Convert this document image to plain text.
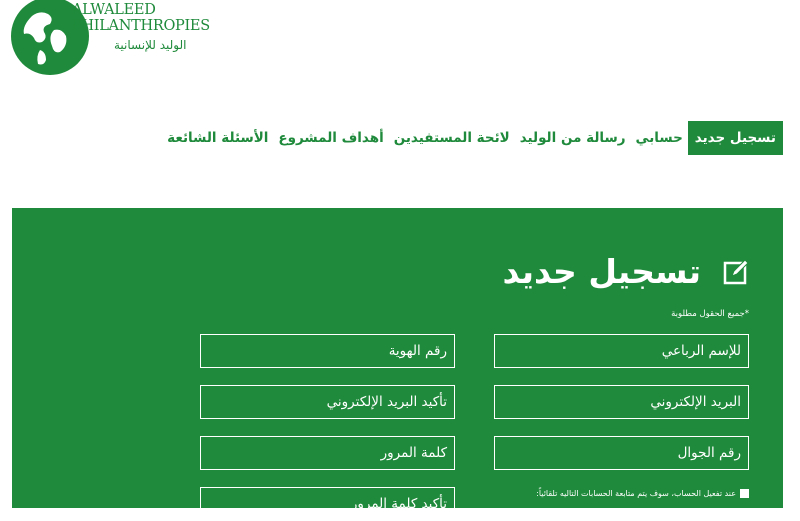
ALWALEED
PHILANTHROPIES
الوليد للإنسانية
تسجيل جديد
حسابي
رسالة من الوليد
لائحة المستفيدين
أهداف المشروع
الأسئلة الشائعة
تسجيل جديد
*جميع الحقول مطلوبة
للإسم الرباعي
رقم الهوية
البريد الإلكتروني
تأكيد البريد الإلكتروني
رقم الجوال
كلمة المرور
تأكيد كلمة المرور
عند تفعيل الحساب، سوف يتم متابعة الحسابات التاليه تلقائياً:
